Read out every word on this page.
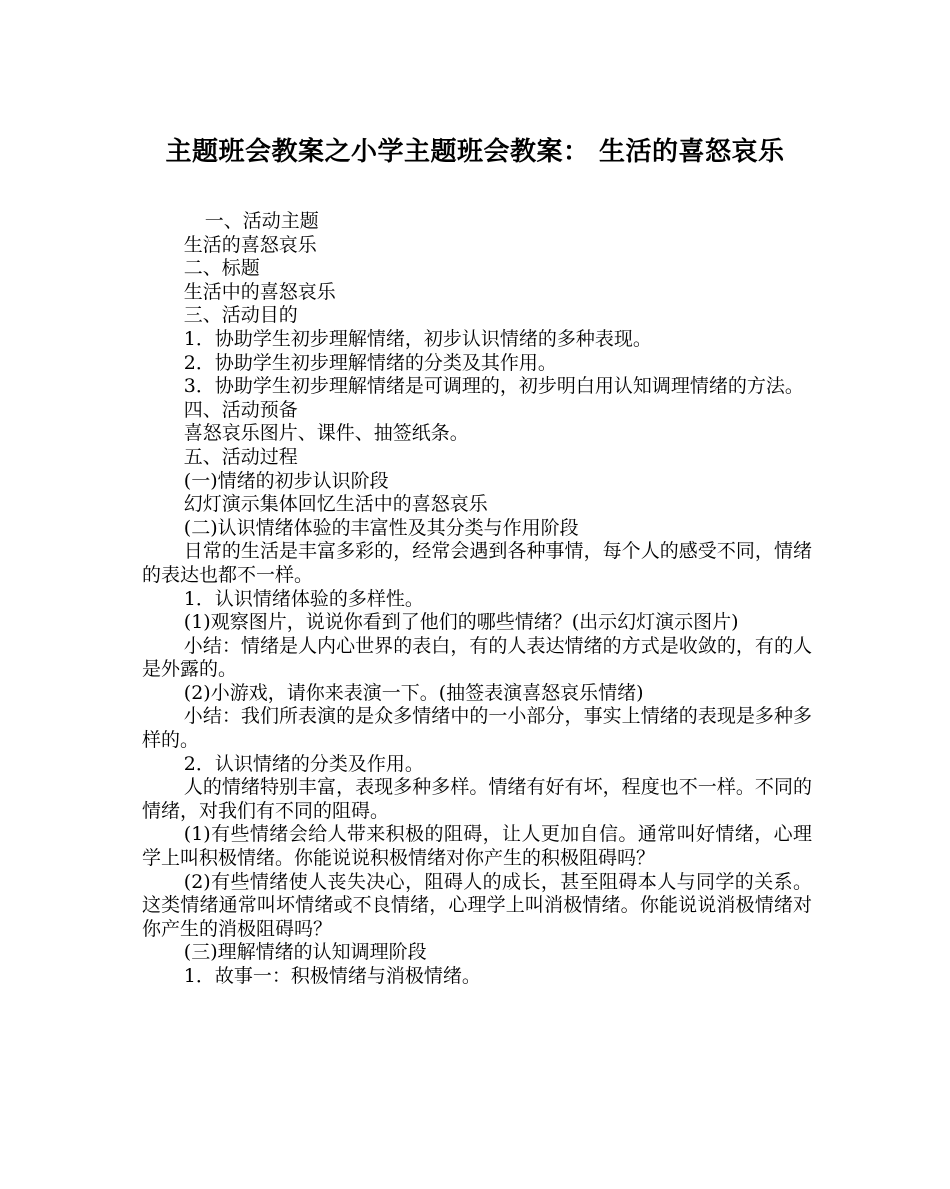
主题班会教案之小学主题班会教案： 生活的喜怒哀乐

一、活动主题

生活的喜怒哀乐

二、标题

生活中的喜怒哀乐

三、活动目的

1．协助学生初步理解情绪，初步认识情绪的多种表现。

2．协助学生初步理解情绪的分类及其作用。

3．协助学生初步理解情绪是可调理的，初步明白用认知调理情绪的方法。

四、活动预备

喜怒哀乐图片、课件、抽签纸条。

五、活动过程

(一)情绪的初步认识阶段

幻灯演示集体回忆生活中的喜怒哀乐

(二)认识情绪体验的丰富性及其分类与作用阶段

日常的生活是丰富多彩的，经常会遇到各种事情，每个人的感受不同，情绪的表达也都不一样。

1．认识情绪体验的多样性。

(1)观察图片，说说你看到了他们的哪些情绪？(出示幻灯演示图片)

小结：情绪是人内心世界的表白，有的人表达情绪的方式是收敛的，有的人是外露的。

(2)小游戏，请你来表演一下。(抽签表演喜怒哀乐情绪)

小结：我们所表演的是众多情绪中的一小部分，事实上情绪的表现是多种多样的。

2．认识情绪的分类及作用。

人的情绪特别丰富，表现多种多样。情绪有好有坏，程度也不一样。不同的情绪，对我们有不同的阻碍。

(1)有些情绪会给人带来积极的阻碍，让人更加自信。通常叫好情绪，心理学上叫积极情绪。你能说说积极情绪对你产生的积极阻碍吗？

(2)有些情绪使人丧失决心，阻碍人的成长，甚至阻碍本人与同学的关系。这类情绪通常叫坏情绪或不良情绪，心理学上叫消极情绪。你能说说消极情绪对你产生的消极阻碍吗？

(三)理解情绪的认知调理阶段

1．故事一：积极情绪与消极情绪。
